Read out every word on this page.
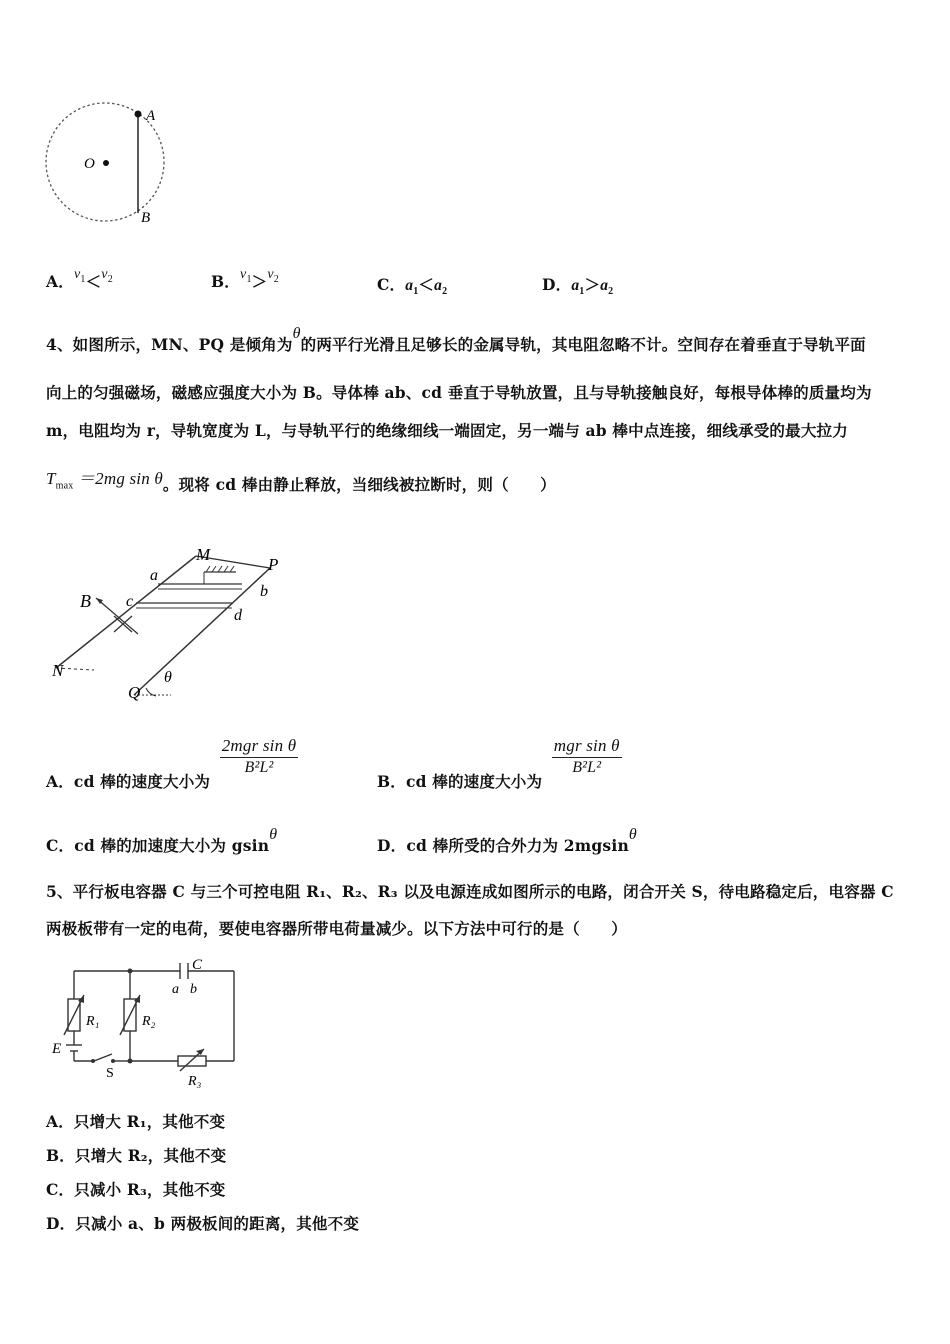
O
A
B
A．$v_1<v_2$	B．$v_1>v_2$	C．$a_1<a_2$	D．$a_1>a_2$
4、如图所示，MN、PQ 是倾角为θ的两平行光滑且足够长的金属导轨，其电阻忽略不计。空间存在着垂直于导轨平面
向上的匀强磁场，磁感应强度大小为 B。导体棒 ab、cd 垂直于导轨放置，且与导轨接触良好，每根导体棒的质量均为
m，电阻均为 r，导轨宽度为 L，与导轨平行的绝缘细线一端固定，另一端与 ab 棒中点连接，细线承受的最大拉力
$T_{max} =2mg$ sin θ。现将 cd 棒由静止释放，当细线被拉断时，则（　　）
M
P
a
b
B c
d
N
Q
θ
A．cd 棒的速度大小为
$\frac{\text{2mgr sin θ}}{\text{B²L²}}$
B．cd 棒的速度大小为
$\frac{\text{mgr sin θ}}{\text{B²L²}}$
C．cd 棒的加速度大小为 gsinθ
D．cd 棒所受的合外力为 2mgsinθ
5、平行板电容器 C 与三个可控电阻 R₁、R₂、R₃ 以及电源连成如图所示的电路，闭合开关 S，待电路稳定后，电容器 C
两极板带有一定的电荷，要使电容器所带电荷量减少。以下方法中可行的是（　　）
C
a b
R₁	R₂
R₃
E
S
A．只增大 R₁，其他不变
B．只增大 R₂，其他不变
C．只减小 R₃，其他不变
D．只减小 a、b 两极板间的距离，其他不变
